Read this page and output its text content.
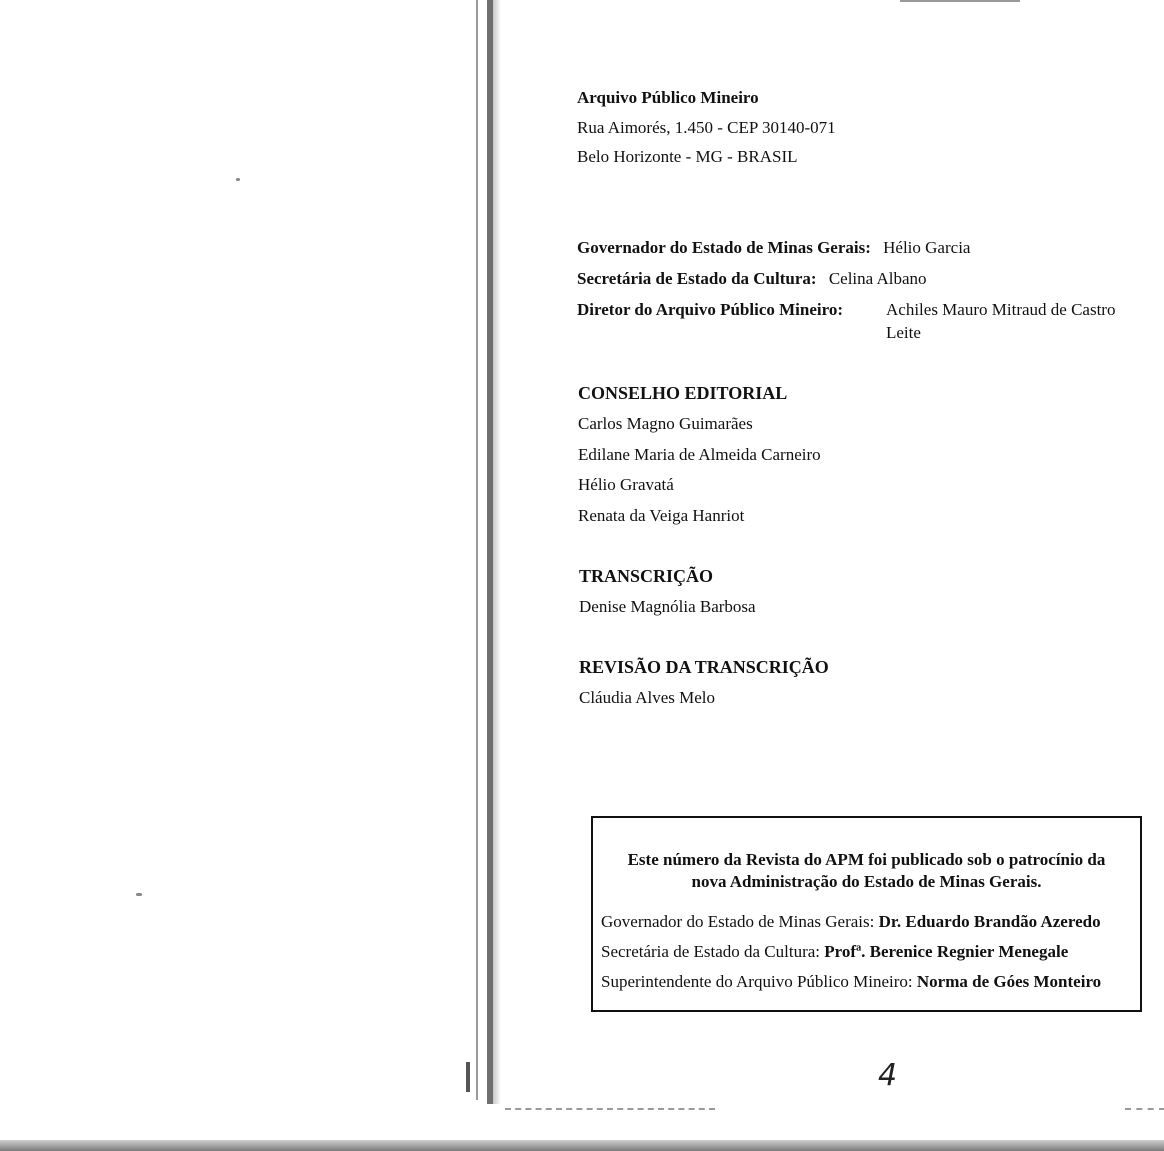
Arquivo Público Mineiro
Rua Aimorés, 1.450 - CEP 30140-071
Belo Horizonte - MG - BRASIL
Governador do Estado de Minas Gerais: Hélio Garcia
Secretária de Estado da Cultura: Celina Albano
Diretor do Arquivo Público Mineiro:	Achiles Mauro Mitraud de Castro
Leite
CONSELHO EDITORIAL
Carlos Magno Guimarães
Edilane Maria de Almeida Carneiro
Hélio Gravatá
Renata da Veiga Hanriot
TRANSCRIÇÃO
Denise Magnólia Barbosa
REVISÃO DA TRANSCRIÇÃO
Cláudia Alves Melo
Este número da Revista do APM foi publicado sob o patrocínio da
nova Administração do Estado de Minas Gerais.
Governador do Estado de Minas Gerais: Dr. Eduardo Brandão Azeredo
Secretária de Estado da Cultura: Profª. Berenice Regnier Menegale
Superintendente do Arquivo Público Mineiro: Norma de Góes Monteiro
4
